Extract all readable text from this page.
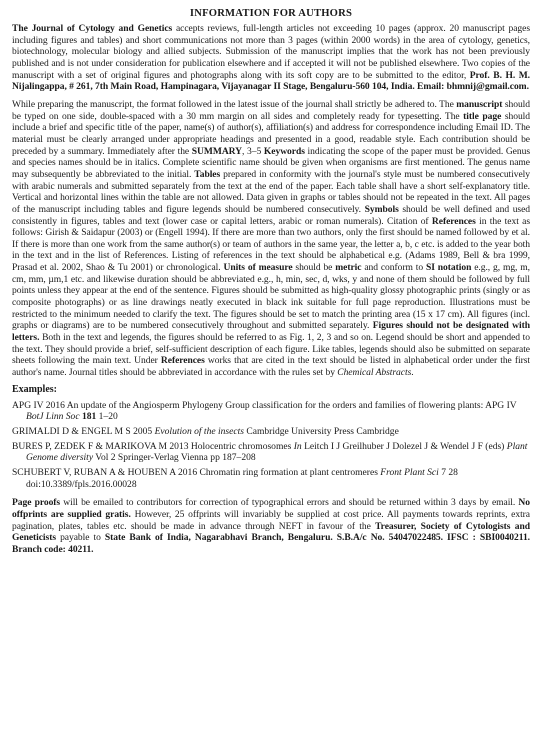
INFORMATION FOR AUTHORS

The Journal of Cytology and Genetics accepts reviews, full-length articles not exceeding 10 pages (approx. 20 manuscript pages including figures and tables) and short communications not more than 3 pages (within 2000 words) in the area of cytology, genetics, biotechnology, molecular biology and allied subjects. Submission of the manuscript implies that the work has not been previously published and is not under consideration for publication elsewhere and if accepted it will not be published elsewhere. Two copies of the manuscript with a set of original figures and photographs along with its soft copy are to be submitted to the editor, Prof. B. H. M. Nijalingappa, # 261, 7th Main Road, Hampinagara, Vijayanagar II Stage, Bengaluru-560 104, India. Email: bhmnij@gmail.com.

While preparing the manuscript, the format followed in the latest issue of the journal shall strictly be adhered to. The manuscript should be typed on one side, double-spaced with a 30 mm margin on all sides and completely ready for typesetting. The title page should include a brief and specific title of the paper, name(s) of author(s), affiliation(s) and address for correspondence including Email ID. The material must be clearly arranged under appropriate headings and presented in a good, readable style. Each contribution should be preceded by a summary. Immediately after the SUMMARY, 3–5 Keywords indicating the scope of the paper must be provided. Genus and species names should be in italics. Complete scientific name should be given when organisms are first mentioned. The genus name may subsequently be abbreviated to the initial. Tables prepared in conformity with the journal's style must be numbered consecutively with arabic numerals and submitted separately from the text at the end of the paper. Each table shall have a short self-explanatory title. Vertical and horizontal lines within the table are not allowed. Data given in graphs or tables should not be repeated in the text. All pages of the manuscript including tables and figure legends should be numbered consecutively. Symbols should be well defined and used consistently in figures, tables and text (lower case or capital letters, arabic or roman numerals). Citation of References in the text as follows: Girish & Saidapur (2003) or (Engell 1994). If there are more than two authors, only the first should be named followed by et al. If there is more than one work from the same author(s) or team of authors in the same year, the letter a, b, c etc. is added to the year both in the text and in the list of References. Listing of references in the text should be alphabetical e.g. (Adams 1989, Bell & bra 1999, Prasad et al. 2002, Shao & Tu 2001) or chronological. Units of measure should be metric and conform to SI notation e.g., g, mg, m, cm, mm, µm,1 etc. and likewise duration should be abbreviated e.g., h, min, sec, d, wks, y and none of them should be followed by full points unless they appear at the end of the sentence. Figures should be submitted as high-quality glossy photographic prints (singly or as composite photographs) or as line drawings neatly executed in black ink suitable for full page reproduction. Illustrations must be restricted to the minimum needed to clarify the text. The figures should be set to match the printing area (15 x 17 cm). All figures (incl. graphs or diagrams) are to be numbered consecutively throughout and submitted separately. Figures should not be designated with letters. Both in the text and legends, the figures should be referred to as Fig. 1, 2, 3 and so on. Legend should be short and appended to the text. They should provide a brief, self-sufficient description of each figure. Like tables, legends should also be submitted on separate sheets following the main text. Under References works that are cited in the text should be listed in alphabetical order under the first author's name. Journal titles should be abbreviated in accordance with the rules set by Chemical Abstracts.

Examples:
APG IV 2016 An update of the Angiosperm Phylogeny Group classification for the orders and families of flowering plants: APG IV BotJ Linn Soc 181 1–20
GRIMALDI D & ENGEL M S 2005 Evolution of the insects Cambridge University Press Cambridge
BURES P, ZEDEK F & MARIKOVA M 2013 Holocentric chromosomes In Leitch I J Greilhuber J Dolezel J & Wendel J F (eds) Plant Genome diversity Vol 2 Springer-Verlag Vienna pp 187–208
SCHUBERT V, RUBAN A & HOUBEN A 2016 Chromatin ring formation at plant centromeres Front Plant Sci 7 28 doi:10.3389/fpls.2016.00028

Page proofs will be emailed to contributors for correction of typographical errors and should be returned within 3 days by email. No offprints are supplied gratis. However, 25 offprints will invariably be supplied at cost price. All payments towards reprints, extra pagination, plates, tables etc. should be made in advance through NEFT in favour of the Treasurer, Society of Cytologists and Geneticists payable to State Bank of India, Nagarabhavi Branch, Bengaluru. S.B.A/c No. 54047022485. IFSC : SBI0040211. Branch code: 40211.
